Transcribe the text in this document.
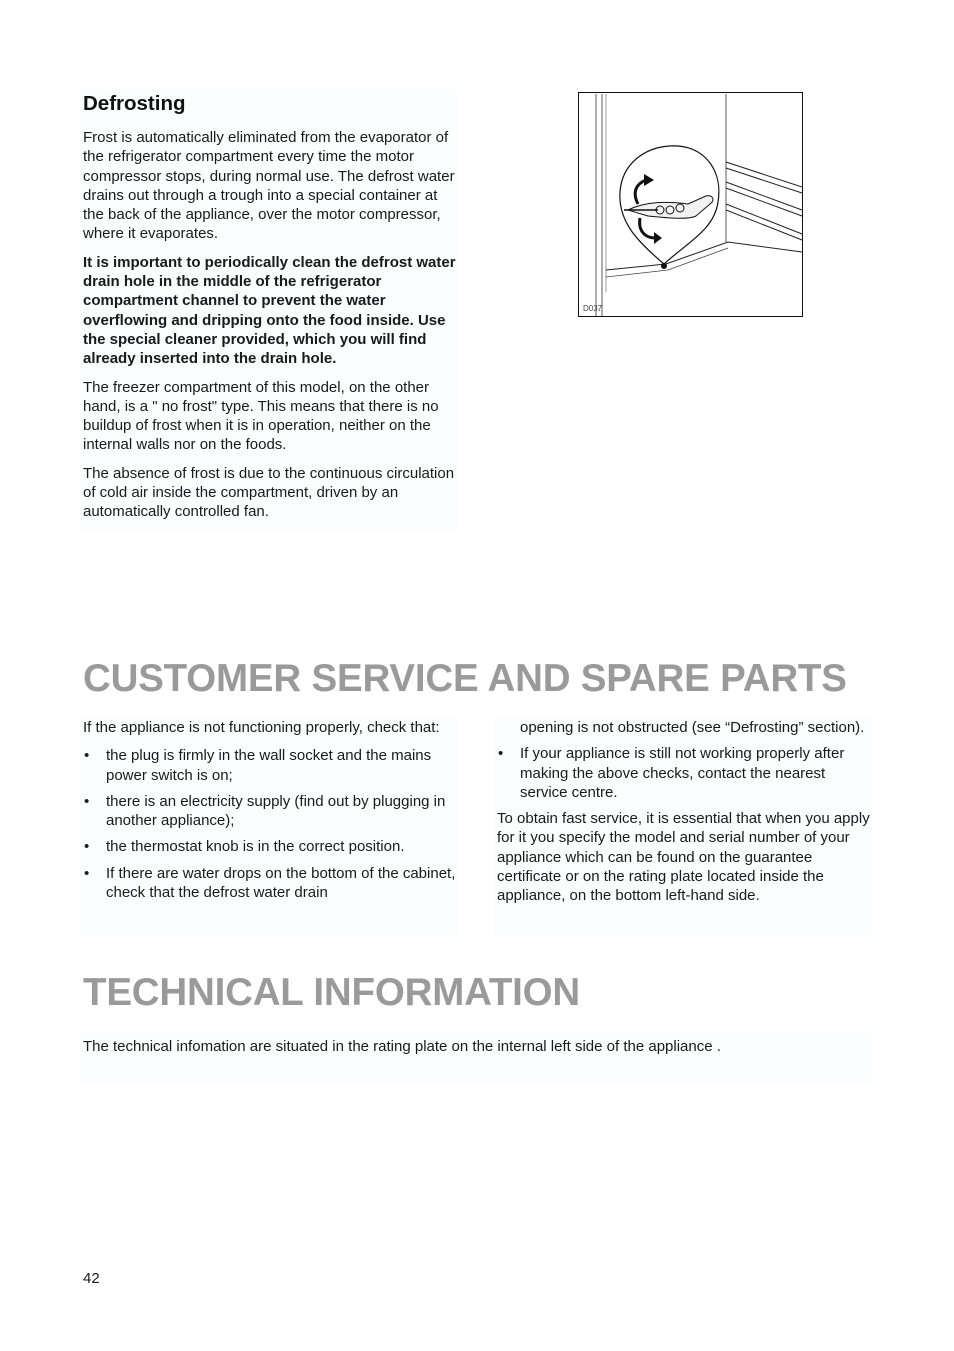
Defrosting

Frost is automatically eliminated from the evaporator of the refrigerator compartment every time the motor compressor stops, during normal use. The defrost water drains out through a trough into a special container at the back of the appliance, over the motor compressor, where it evaporates.

It is important to periodically clean the defrost water drain hole in the middle of the refrigerator compartment channel to prevent the water overflowing and dripping onto the food inside. Use the special cleaner provided, which you will find already inserted into the drain hole.

The freezer compartment of this model, on the other hand, is a " no frost" type. This means that there is no buildup of frost when it is in operation, neither on the internal walls nor on the foods.

The absence of frost is due to the continuous circulation of cold air inside the compartment, driven by an automatically controlled fan.

D037
CUSTOMER SERVICE AND SPARE PARTS

If the appliance is not functioning properly, check that:

• the plug is firmly in the wall socket and the mains power switch is on;
• there is an electricity supply (find out by plugging in another appliance);
• the thermostat knob is in the correct position.
• If there are water drops on the bottom of the cabinet, check that the defrost water drain

opening is not obstructed (see “Defrosting” section).

• If your appliance is still not working properly after making the above checks, contact the nearest service centre.

To obtain fast service, it is essential that when you apply for it you specify the model and serial number of your appliance which can be found on the guarantee certificate or on the rating plate located inside the appliance, on the bottom left-hand side.

TECHNICAL INFORMATION

The technical infomation are situated in the rating plate on the internal left side of the appliance .

42
